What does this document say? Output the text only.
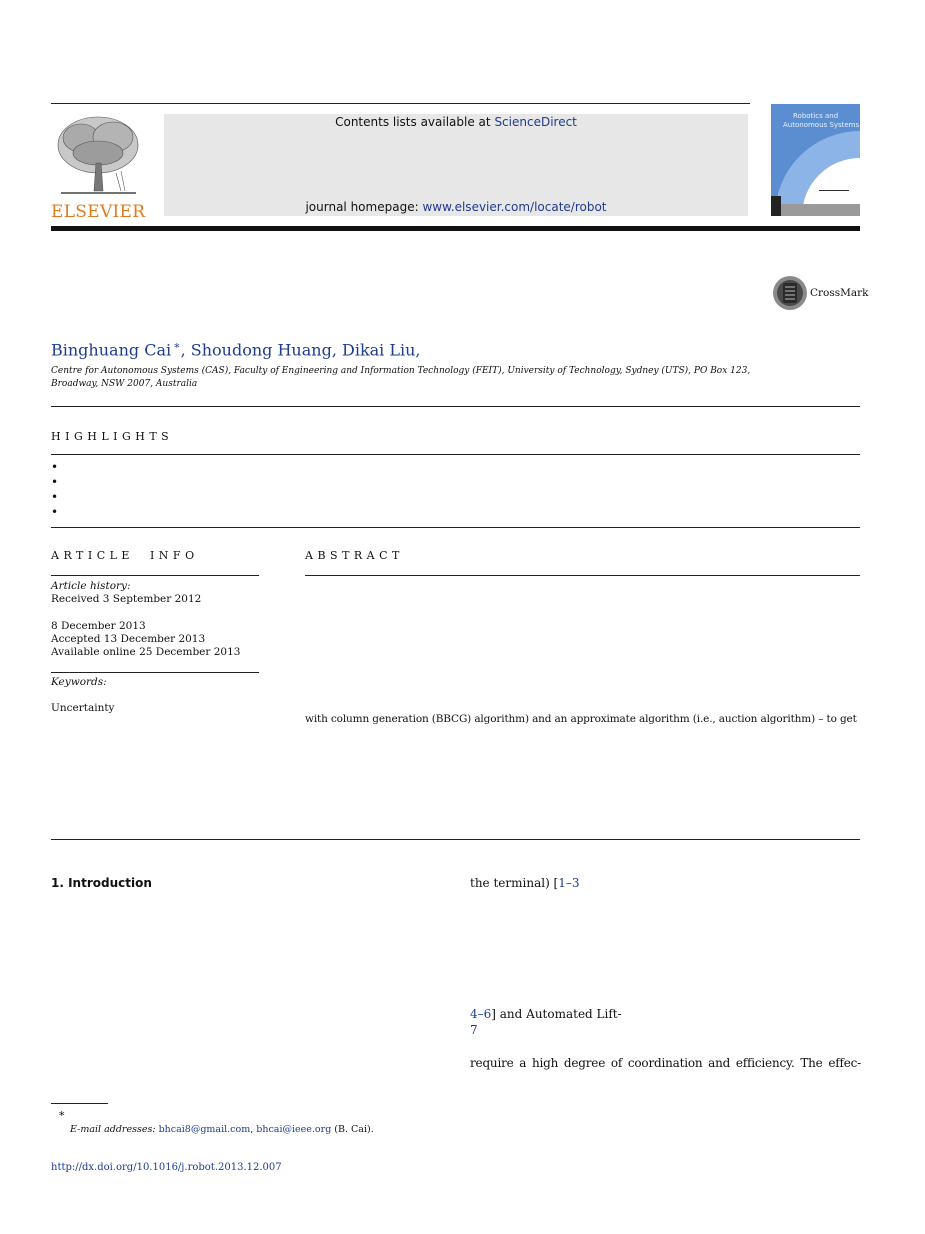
ELSEVIER
Contents lists available at ScienceDirect
journal homepage: www.elsevier.com/locate/robot
Robotics and
Autonomous Systems
CrossMark
Binghuang Cai ∗, Shoudong Huang, Dikai Liu,
Centre for Autonomous Systems (CAS), Faculty of Engineering and Information Technology (FEIT), University of Technology, Sydney (UTS), PO Box 123,
Broadway, NSW 2007, Australia
HIGHLIGHTS
•
•
•
•
ARTICLE INFO
Article history:
Received 3 September 2012
8 December 2013
Accepted 13 December 2013
Available online 25 December 2013
Keywords:
Uncertainty
ABSTRACT
with column generation (BBCG) algorithm) and an approximate algorithm (i.e., auction algorithm) – to get
1. Introduction	the terminal) [1–3
4–6] and Automated Lift-
7
require a high degree of coordination and efficiency. The effec-
∗
E-mail addresses: bhcai8@gmail.com, bhcai@ieee.org (B. Cai).
http://dx.doi.org/10.1016/j.robot.2013.12.007
